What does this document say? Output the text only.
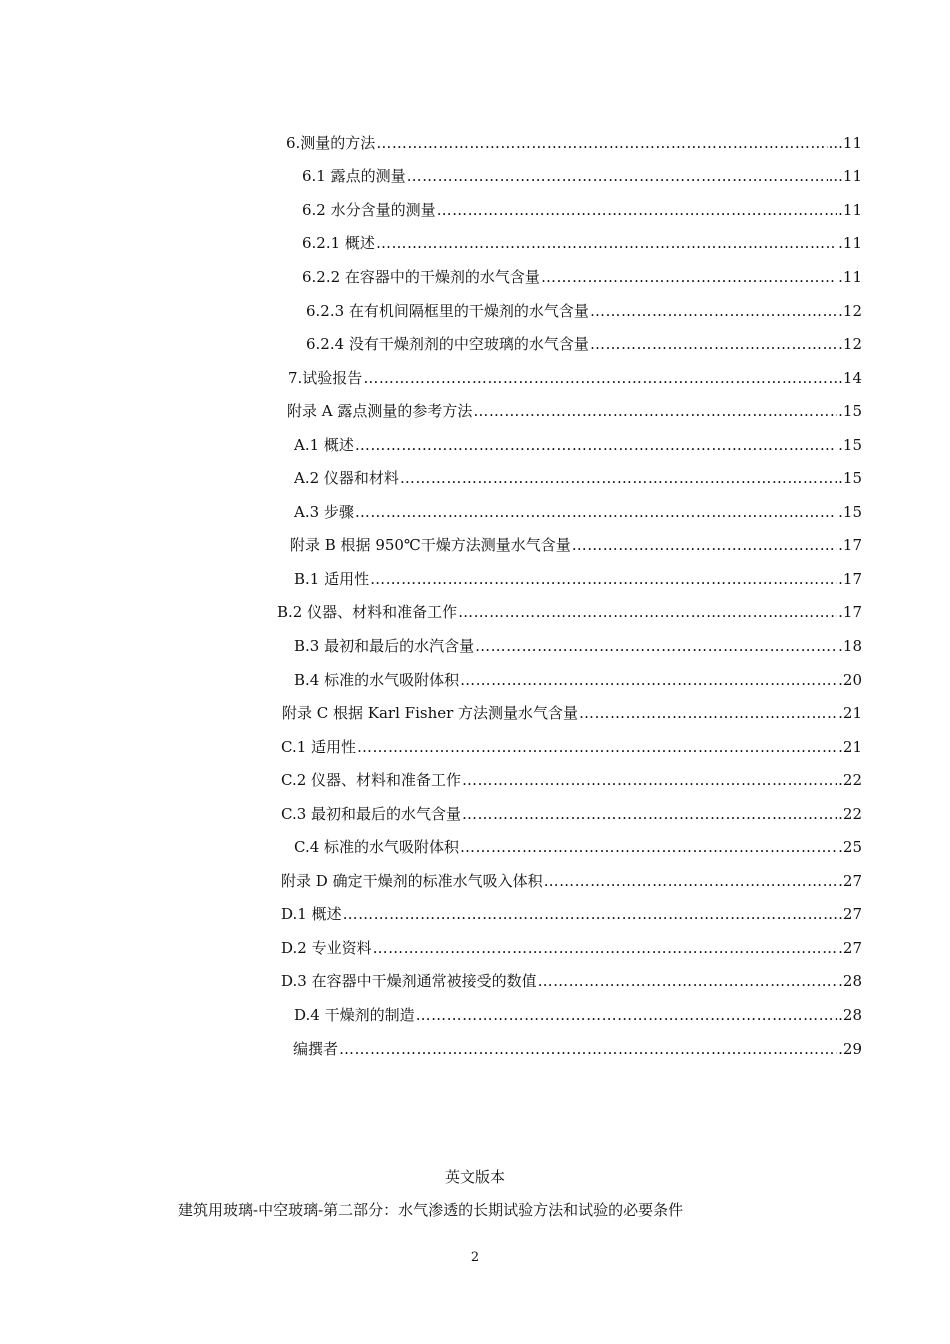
6.测量的方法 ………………………………………………………………………………………………………………………………………………………………………………………………………………………………	...11
6.1 露点的测量 ………………………………………………………………………………………………………………………………………………………………………………………………………………………………	...11
6.2 水分含量的测量 ………………………………………………………………………………………………………………………………………………………………………………………………………………………………	.11
6.2.1 概述 ………………………………………………………………………………………………………………………………………………………………………………………………………………………………	.11
6.2.2 在容器中的干燥剂的水气含量 ………………………………………………………………………………………………………………………………………………………………………………………………………………………………	.11
6.2.3 在有机间隔框里的干燥剂的水气含量 ………………………………………………………………………………………………………………………………………………………………………………………………………………………………	.12
6.2.4 没有干燥剂剂的中空玻璃的水气含量 ………………………………………………………………………………………………………………………………………………………………………………………………………………………………	.12
7.试验报告 ………………………………………………………………………………………………………………………………………………………………………………………………………………………………	..14
附录 A 露点测量的参考方法 ………………………………………………………………………………………………………………………………………………………………………………………………………………………………	.15
A.1 概述 ………………………………………………………………………………………………………………………………………………………………………………………………………………………………	.15
A.2 仪器和材料 ………………………………………………………………………………………………………………………………………………………………………………………………………………………………	.15
A.3 步骤 ………………………………………………………………………………………………………………………………………………………………………………………………………………………………	.15
附录 B 根据 950℃干燥方法测量水气含量 ………………………………………………………………………………………………………………………………………………………………………………………………………………………………	.17
B.1 适用性 ………………………………………………………………………………………………………………………………………………………………………………………………………………………………	.17
B.2 仪器、材料和准备工作 ………………………………………………………………………………………………………………………………………………………………………………………………………………………………	.17
B.3 最初和最后的水汽含量 ………………………………………………………………………………………………………………………………………………………………………………………………………………………………	.18
B.4 标准的水气吸附体积 ………………………………………………………………………………………………………………………………………………………………………………………………………………………………	.20
附录 C 根据 Karl Fisher 方法测量水气含量 ………………………………………………………………………………………………………………………………………………………………………………………………………………………………	.21
C.1 适用性 ………………………………………………………………………………………………………………………………………………………………………………………………………………………………	.21
C.2 仪器、材料和准备工作 ………………………………………………………………………………………………………………………………………………………………………………………………………………………………	.22
C.3 最初和最后的水气含量 ………………………………………………………………………………………………………………………………………………………………………………………………………………………………	.22
C.4 标准的水气吸附体积 ………………………………………………………………………………………………………………………………………………………………………………………………………………………………	.25
附录 D 确定干燥剂的标准水气吸入体积 ………………………………………………………………………………………………………………………………………………………………………………………………………………………………	.27
D.1 概述 ………………………………………………………………………………………………………………………………………………………………………………………………………………………………	.27
D.2 专业资料 ………………………………………………………………………………………………………………………………………………………………………………………………………………………………	.27
D.3 在容器中干燥剂通常被接受的数值 ………………………………………………………………………………………………………………………………………………………………………………………………………………………………	.28
D.4 干燥剂的制造 ………………………………………………………………………………………………………………………………………………………………………………………………………………………………	.28
编撰者 ………………………………………………………………………………………………………………………………………………………………………………………………………………………………	.29
英文版本
建筑用玻璃-中空玻璃-第二部分：水气渗透的长期试验方法和试验的必要条件
2
